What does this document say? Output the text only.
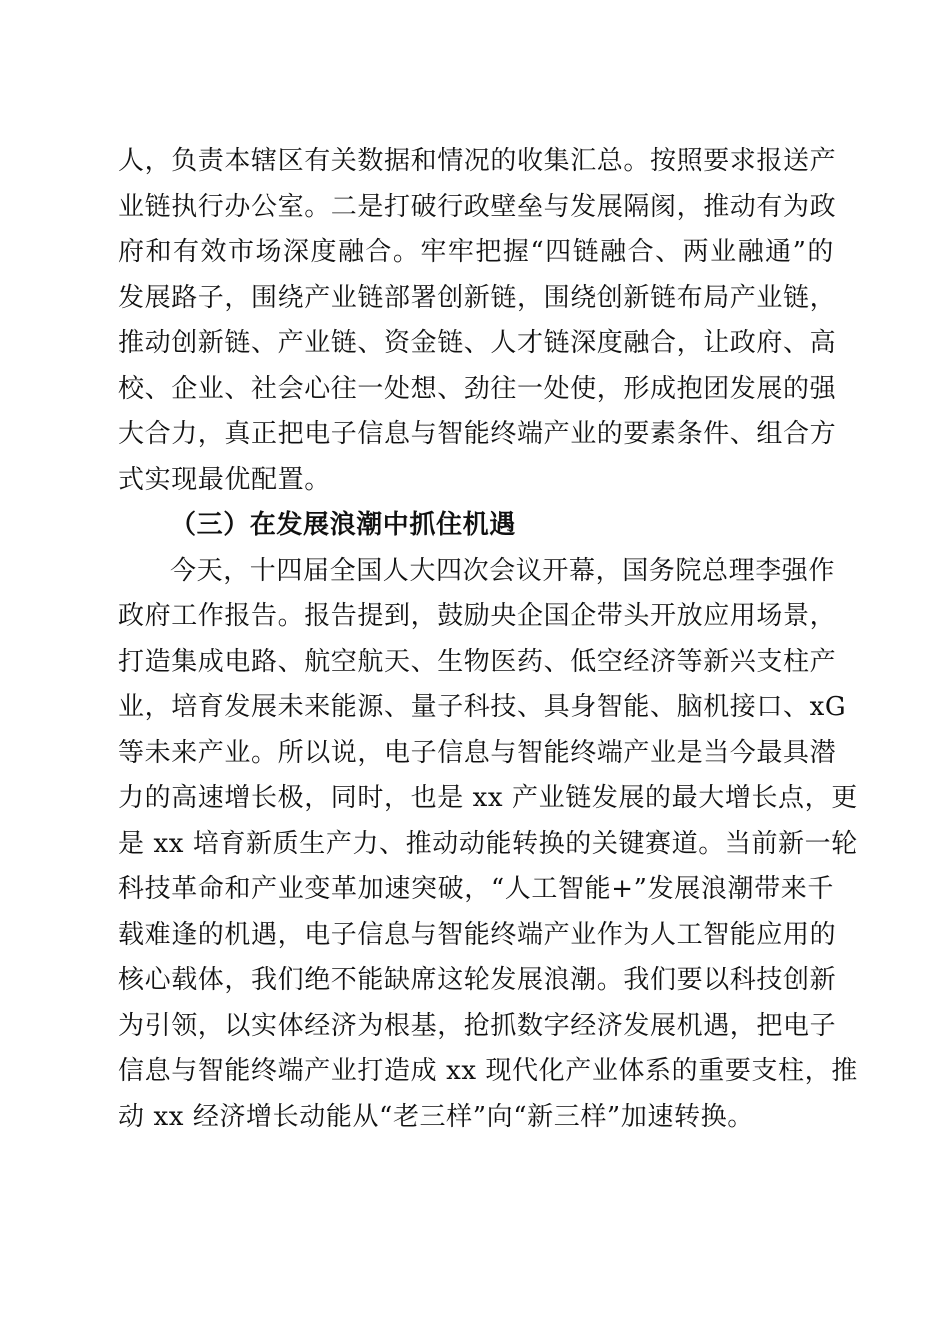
人，负责本辖区有关数据和情况的收集汇总。按照要求报送产
业链执行办公室。二是打破行政壁垒与发展隔阂，推动有为政
府和有效市场深度融合。牢牢把握“四链融合、两业融通”的
发展路子，围绕产业链部署创新链，围绕创新链布局产业链，
推动创新链、产业链、资金链、人才链深度融合，让政府、高
校、企业、社会心往一处想、劲往一处使，形成抱团发展的强
大合力，真正把电子信息与智能终端产业的要素条件、组合方
式实现最优配置。
（三）在发展浪潮中抓住机遇
今天，十四届全国人大四次会议开幕，国务院总理李强作
政府工作报告。报告提到，鼓励央企国企带头开放应用场景，
打造集成电路、航空航天、生物医药、低空经济等新兴支柱产
业，培育发展未来能源、量子科技、具身智能、脑机接口、xG
等未来产业。所以说，电子信息与智能终端产业是当今最具潜
力的高速增长极，同时，也是 xx 产业链发展的最大增长点，更
是 xx 培育新质生产力、推动动能转换的关键赛道。当前新一轮
科技革命和产业变革加速突破，“人工智能+”发展浪潮带来千
载难逢的机遇，电子信息与智能终端产业作为人工智能应用的
核心载体，我们绝不能缺席这轮发展浪潮。我们要以科技创新
为引领，以实体经济为根基，抢抓数字经济发展机遇，把电子
信息与智能终端产业打造成 xx 现代化产业体系的重要支柱，推
动 xx 经济增长动能从“老三样”向“新三样”加速转换。
